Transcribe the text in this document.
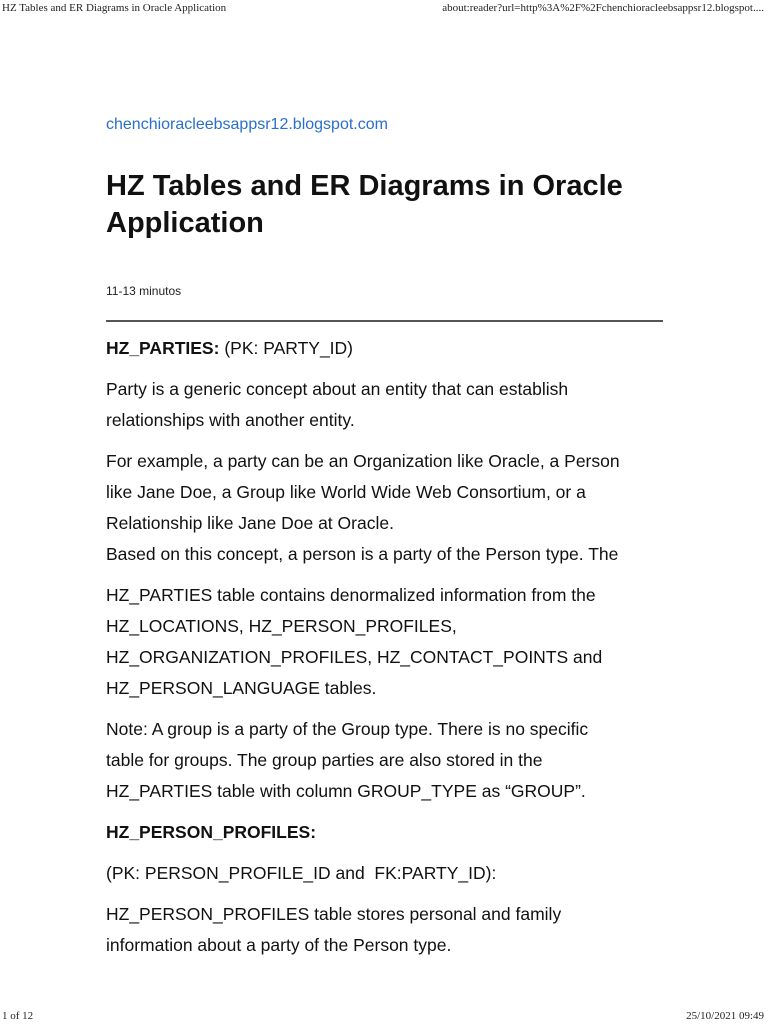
HZ Tables and ER Diagrams in Oracle Application	about:reader?url=http%3A%2F%2Fchenchioracleebsappsr12.blogspot....
chenchioracleebsappsr12.blogspot.com
HZ Tables and ER Diagrams in Oracle Application
11-13 minutos

HZ_PARTIES: (PK: PARTY_ID)

Party is a generic concept about an entity that can establish
relationships with another entity.

For example, a party can be an Organization like Oracle, a Person
like Jane Doe, a Group like World Wide Web Consortium, or a
Relationship like Jane Doe at Oracle.
Based on this concept, a person is a party of the Person type. The

HZ_PARTIES table contains denormalized information from the
HZ_LOCATIONS, HZ_PERSON_PROFILES,
HZ_ORGANIZATION_PROFILES, HZ_CONTACT_POINTS and
HZ_PERSON_LANGUAGE tables.

Note: A group is a party of the Group type. There is no specific
table for groups. The group parties are also stored in the
HZ_PARTIES table with column GROUP_TYPE as “GROUP”.

HZ_PERSON_PROFILES:

(PK: PERSON_PROFILE_ID and  FK:PARTY_ID):

HZ_PERSON_PROFILES table stores personal and family
information about a party of the Person type.

1 of 12	25/10/2021 09:49
